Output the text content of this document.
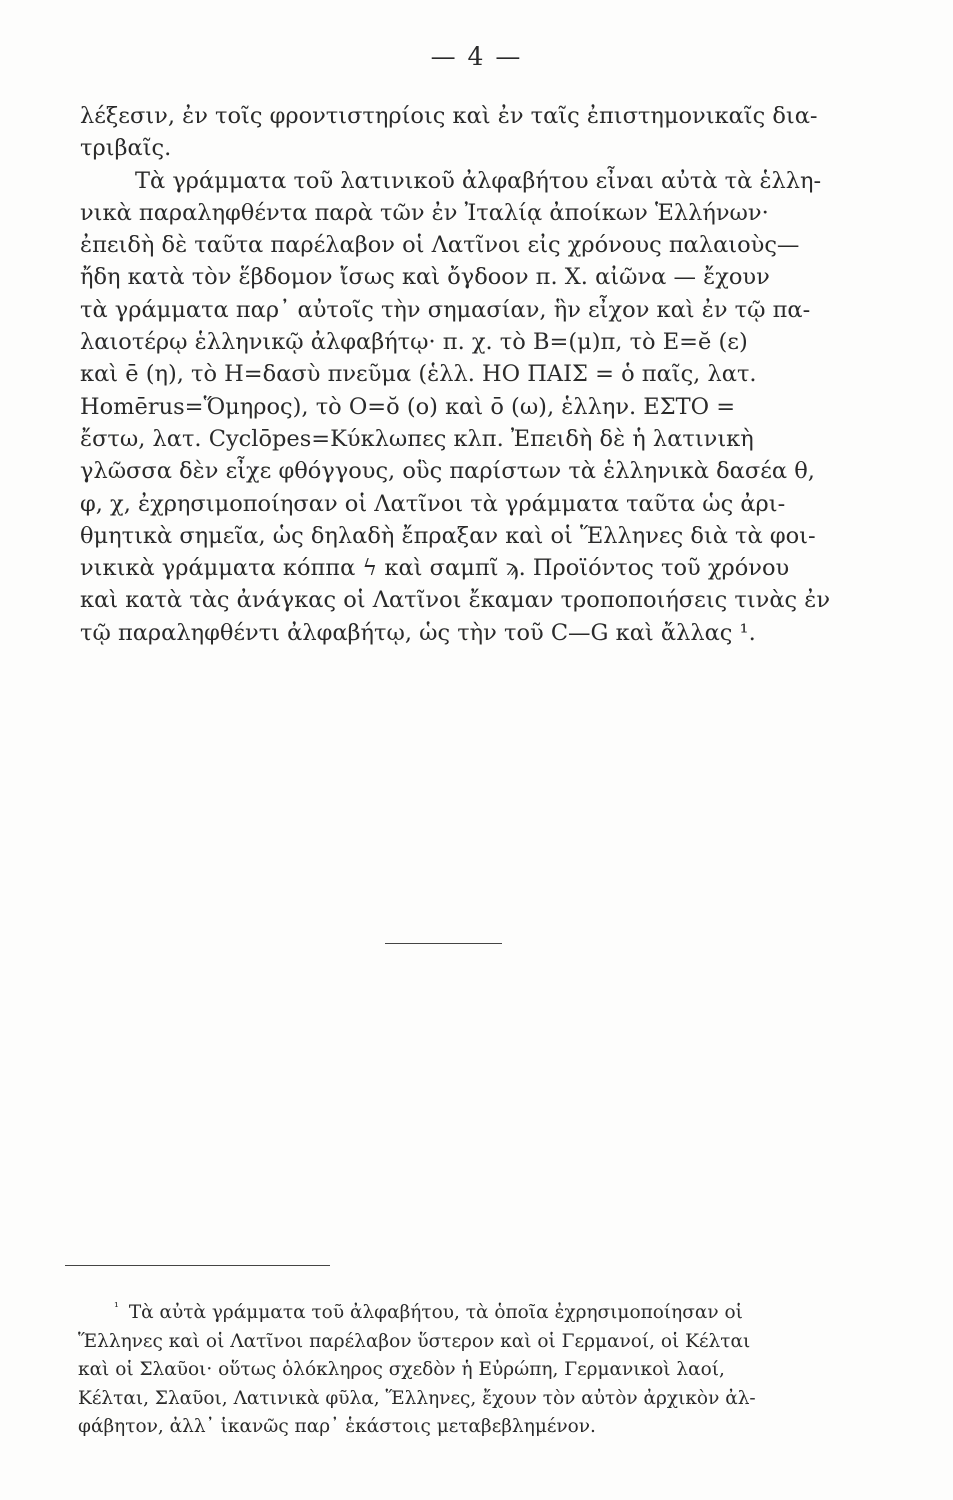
— 4 —
λέξεσιν, ἐν τοῖς φροντιστηρίοις καὶ ἐν ταῖς ἐπιστημονικαῖς δια-
τριβαῖς.
Τὰ γράμματα τοῦ λατινικοῦ ἀλφαβήτου εἶναι αὐτὰ τὰ ἑλλη-
νικὰ παραληφθέντα παρὰ τῶν ἐν Ἰταλίᾳ ἀποίκων Ἑλλήνων·
ἐπειδὴ δὲ ταῦτα παρέλαβον οἱ Λατῖνοι εἰς χρόνους παλαιοὺς—
ἤδη κατὰ τὸν ἕβδομον ἴσως καὶ ὄγδοον π. Χ. αἰῶνα — ἔχουν
τὰ γράμματα παρ᾽ αὐτοῖς τὴν σημασίαν, ἣν εἶχον καὶ ἐν τῷ πα-
λαιοτέρῳ ἑλληνικῷ ἀλφαβήτῳ· π. χ. τὸ Β=(μ)π, τὸ Ε=ĕ (ε)
καὶ ē (η), τὸ Η=δασὺ πνεῦμα (ἑλλ. ΗΟ ΠΑΙΣ = ὁ παῖς, λατ.
Homērus=Ὅμηρος), τὸ Ο=ŏ (ο) καὶ ō (ω), ἑλλην. ΕΣΤΟ =
ἔστω, λατ. Cyclōpes=Κύκλωπες κλπ. Ἐπειδὴ δὲ ἡ λατινικὴ
γλῶσσα δὲν εἶχε φθόγγους, οὓς παρίστων τὰ ἑλληνικὰ δασέα θ,
φ, χ, ἐχρησιμοποίησαν οἱ Λατῖνοι τὰ γράμματα ταῦτα ὡς ἀρι-
θμητικὰ σημεῖα, ὡς δηλαδὴ ἔπραξαν καὶ οἱ Ἕλληνες διὰ τὰ φοι-
νικικὰ γράμματα κόππα ϟ καὶ σαμπῖ ϡ. Προϊόντος τοῦ χρόνου
καὶ κατὰ τὰς ἀνάγκας οἱ Λατῖνοι ἔκαμαν τροποποιήσεις τινὰς ἐν
τῷ παραληφθέντι ἀλφαβήτῳ, ὡς τὴν τοῦ C—G καὶ ἄλλας ¹.
$^{^1}$ Τὰ αὐτὰ γράμματα τοῦ ἀλφαβήτου, τὰ ὁποῖα ἐχρησιμοποίησαν οἱ
Ἕλληνες καὶ οἱ Λατῖνοι παρέλαβον ὕστερον καὶ οἱ Γερμανοί, οἱ Κέλται
καὶ οἱ Σλαῦοι· οὕτως ὁλόκληρος σχεδὸν ἡ Εὐρώπη, Γερμανικοὶ λαοί,
Κέλται, Σλαῦοι, Λατινικὰ φῦλα, Ἕλληνες, ἔχουν τὸν αὐτὸν ἀρχικὸν ἀλ-
φάβητον, ἀλλ᾽ ἱκανῶς παρ᾽ ἑκάστοις μεταβεβλημένον.
